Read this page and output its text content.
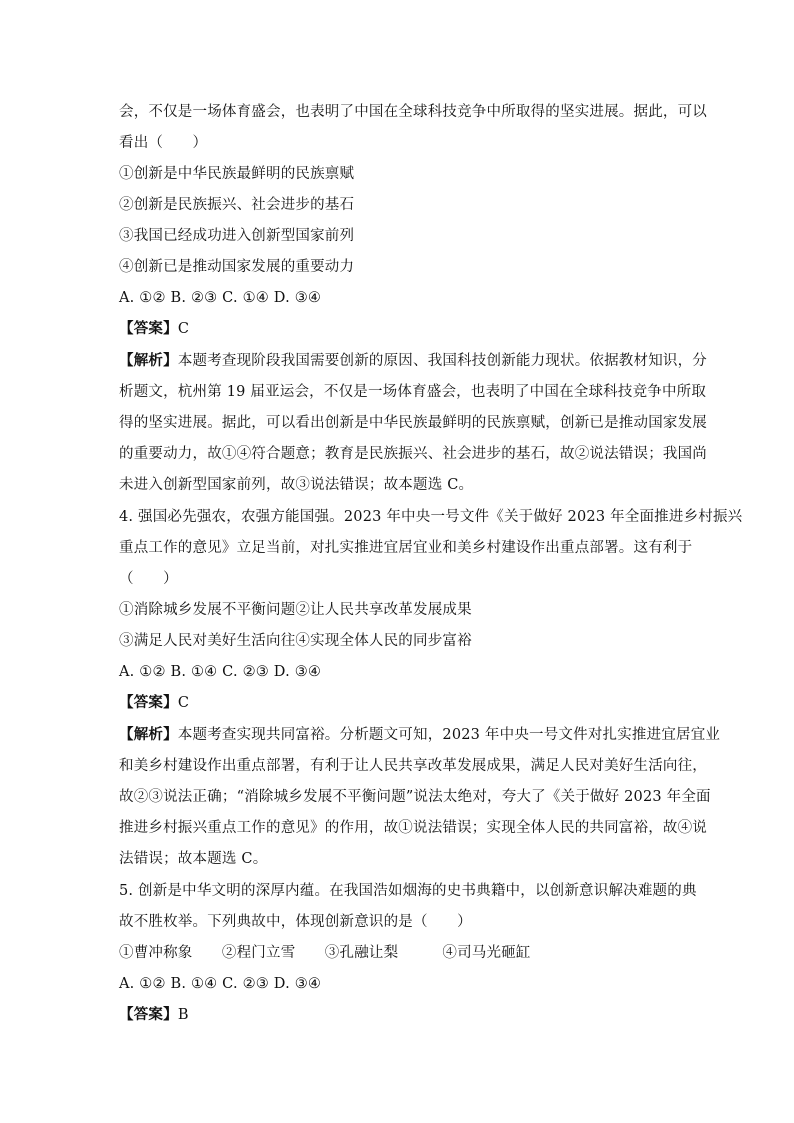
会，不仅是一场体育盛会，也表明了中国在全球科技竞争中所取得的坚实进展。据此，可以
看出（　　）
①创新是中华民族最鲜明的民族禀赋
②创新是民族振兴、社会进步的基石
③我国已经成功进入创新型国家前列
④创新已是推动国家发展的重要动力
A. ①② B. ②③ C. ①④ D. ③④
【答案】C
【解析】本题考查现阶段我国需要创新的原因、我国科技创新能力现状。依据教材知识，分
析题文，杭州第 19 届亚运会，不仅是一场体育盛会，也表明了中国在全球科技竞争中所取
得的坚实进展。据此，可以看出创新是中华民族最鲜明的民族禀赋，创新已是推动国家发展
的重要动力，故①④符合题意；教育是民族振兴、社会进步的基石，故②说法错误；我国尚
未进入创新型国家前列，故③说法错误；故本题选 C。
4. 强国必先强农，农强方能国强。2023 年中央一号文件《关于做好 2023 年全面推进乡村振兴
重点工作的意见》立足当前，对扎实推进宜居宜业和美乡村建设作出重点部署。这有利于
（　　）
①消除城乡发展不平衡问题②让人民共享改革发展成果
③满足人民对美好生活向往④实现全体人民的同步富裕
A. ①② B. ①④ C. ②③ D. ③④
【答案】C
【解析】本题考查实现共同富裕。分析题文可知，2023 年中央一号文件对扎实推进宜居宜业
和美乡村建设作出重点部署，有利于让人民共享改革发展成果，满足人民对美好生活向往，
故②③说法正确；“消除城乡发展不平衡问题”说法太绝对，夸大了《关于做好 2023 年全面
推进乡村振兴重点工作的意见》的作用，故①说法错误；实现全体人民的共同富裕，故④说
法错误；故本题选 C。
5. 创新是中华文明的深厚内蕴。在我国浩如烟海的史书典籍中，以创新意识解决难题的典
故不胜枚举。下列典故中，体现创新意识的是（　　）
①曹冲称象　　②程门立雪　　③孔融让梨　　　④司马光砸缸
A. ①② B. ①④ C. ②③ D. ③④
【答案】B
